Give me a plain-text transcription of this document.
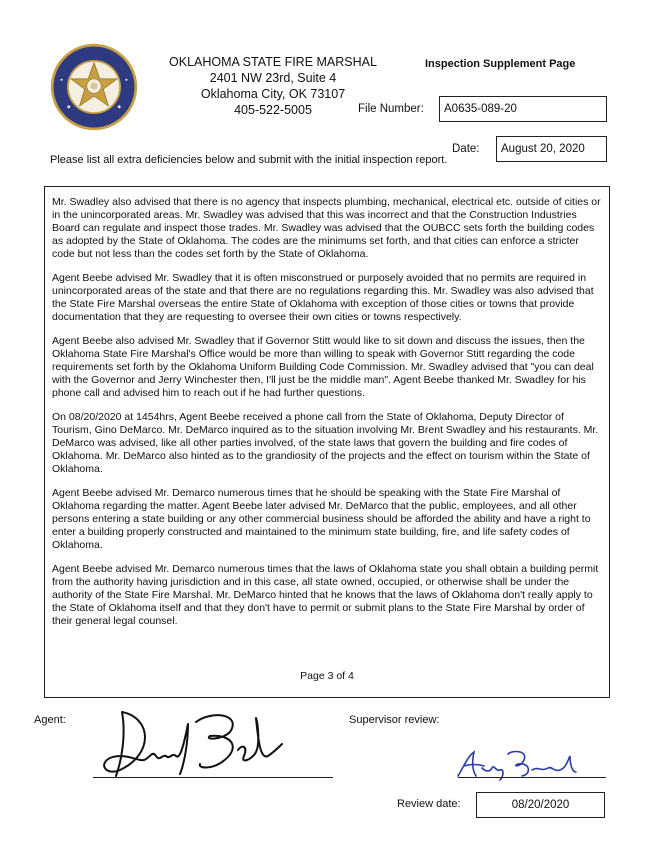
OKLAHOMA STATE FIRE MARSHAL
2401 NW 23rd, Suite 4
Oklahoma City, OK 73107
405-522-5005
Inspection Supplement Page
File Number:	A0635-089-20
Date:	August 20, 2020
Please list all extra deficiencies below and submit with the initial inspection report.

Mr. Swadley also advised that there is no agency that inspects plumbing, mechanical, electrical etc. outside of cities or in the unincorporated areas. Mr. Swadley was advised that this was incorrect and that the Construction Industries Board can regulate and inspect those trades. Mr. Swadley was advised that the OUBCC sets forth the building codes as adopted by the State of Oklahoma. The codes are the minimums set forth, and that cities can enforce a stricter code but not less than the codes set forth by the State of Oklahoma.

Agent Beebe advised Mr. Swadley that it is often misconstrued or purposely avoided that no permits are required in unincorporated areas of the state and that there are no regulations regarding this. Mr. Swadley was also advised that the State Fire Marshal overseas the entire State of Oklahoma with exception of those cities or towns that provide documentation that they are requesting to oversee their own cities or towns respectively.

Agent Beebe also advised Mr. Swadley that if Governor Stitt would like to sit down and discuss the issues, then the Oklahoma State Fire Marshal's Office would be more than willing to speak with Governor Stitt regarding the code requirements set forth by the Oklahoma Uniform Building Code Commission. Mr. Swadley advised that "you can deal with the Governor and Jerry Winchester then, I'll just be the middle man". Agent Beebe thanked Mr. Swadley for his phone call and advised him to reach out if he had further questions.

On 08/20/2020 at 1454hrs, Agent Beebe received a phone call from the State of Oklahoma, Deputy Director of Tourism, Gino DeMarco. Mr. DeMarco inquired as to the situation involving Mr. Brent Swadley and his restaurants. Mr. DeMarco was advised, like all other parties involved, of the state laws that govern the building and fire codes of Oklahoma. Mr. DeMarco also hinted as to the grandiosity of the projects and the effect on tourism within the State of Oklahoma.

Agent Beebe advised Mr. Demarco numerous times that he should be speaking with the State Fire Marshal of Oklahoma regarding the matter. Agent Beebe later advised Mr. DeMarco that the public, employees, and all other persons entering a state building or any other commercial business should be afforded the ability and have a right to enter a building properly constructed and maintained to the minimum state building, fire, and life safety codes of Oklahoma.

Agent Beebe advised Mr. Demarco numerous times that the laws of Oklahoma state you shall obtain a building permit from the authority having jurisdiction and in this case, all state owned, occupied, or otherwise shall be under the authority of the State Fire Marshal. Mr. DeMarco hinted that he knows that the laws of Oklahoma don't really apply to the State of Oklahoma itself and that they don't have to permit or submit plans to the State Fire Marshal by order of their general legal counsel.

Page 3 of 4
Agent:	Supervisor review:
Review date:	08/20/2020
